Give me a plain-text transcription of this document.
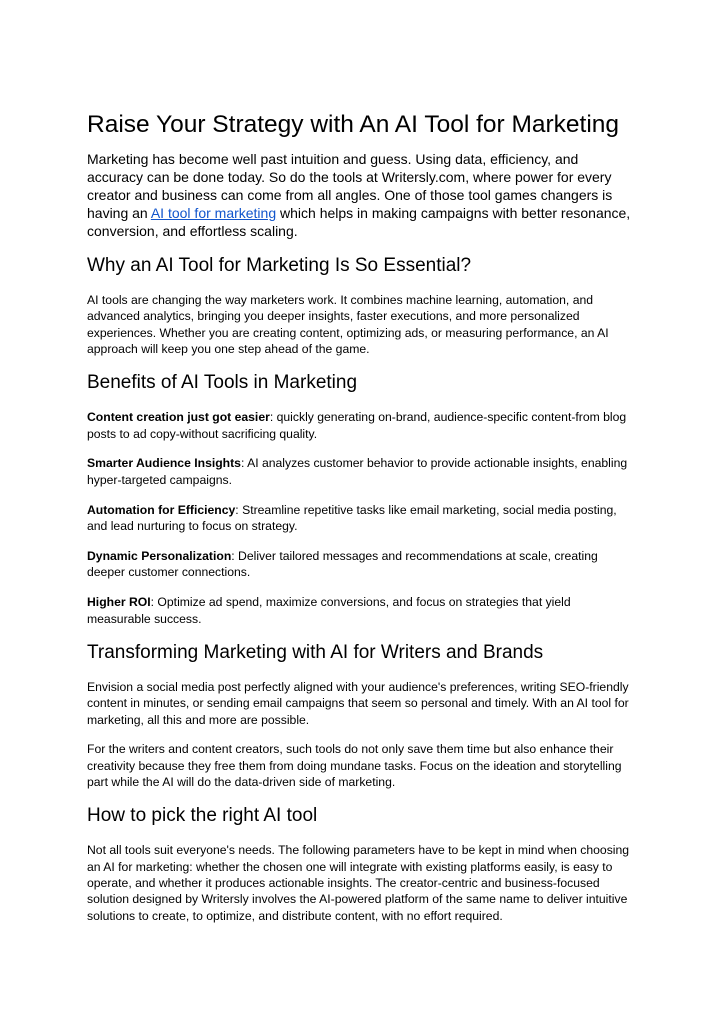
Raise Your Strategy with An AI Tool for Marketing

Marketing has become well past intuition and guess. Using data, efficiency, and accuracy can be done today. So do the tools at Writersly.com, where power for every creator and business can come from all angles. One of those tool games changers is having an AI tool for marketing which helps in making campaigns with better resonance, conversion, and effortless scaling.

Why an AI Tool for Marketing Is So Essential?

AI tools are changing the way marketers work. It combines machine learning, automation, and advanced analytics, bringing you deeper insights, faster executions, and more personalized experiences. Whether you are creating content, optimizing ads, or measuring performance, an AI approach will keep you one step ahead of the game.

Benefits of AI Tools in Marketing

Content creation just got easier: quickly generating on-brand, audience-specific content-from blog posts to ad copy-without sacrificing quality.

Smarter Audience Insights: AI analyzes customer behavior to provide actionable insights, enabling hyper-targeted campaigns.

Automation for Efficiency: Streamline repetitive tasks like email marketing, social media posting, and lead nurturing to focus on strategy.

Dynamic Personalization: Deliver tailored messages and recommendations at scale, creating deeper customer connections.

Higher ROI: Optimize ad spend, maximize conversions, and focus on strategies that yield measurable success.

Transforming Marketing with AI for Writers and Brands

Envision a social media post perfectly aligned with your audience's preferences, writing SEO-friendly content in minutes, or sending email campaigns that seem so personal and timely. With an AI tool for marketing, all this and more are possible.

For the writers and content creators, such tools do not only save them time but also enhance their creativity because they free them from doing mundane tasks. Focus on the ideation and storytelling part while the AI will do the data-driven side of marketing.

How to pick the right AI tool

Not all tools suit everyone's needs. The following parameters have to be kept in mind when choosing an AI for marketing: whether the chosen one will integrate with existing platforms easily, is easy to operate, and whether it produces actionable insights. The creator-centric and business-focused solution designed by Writersly involves the AI-powered platform of the same name to deliver intuitive solutions to create, to optimize, and distribute content, with no effort required.
